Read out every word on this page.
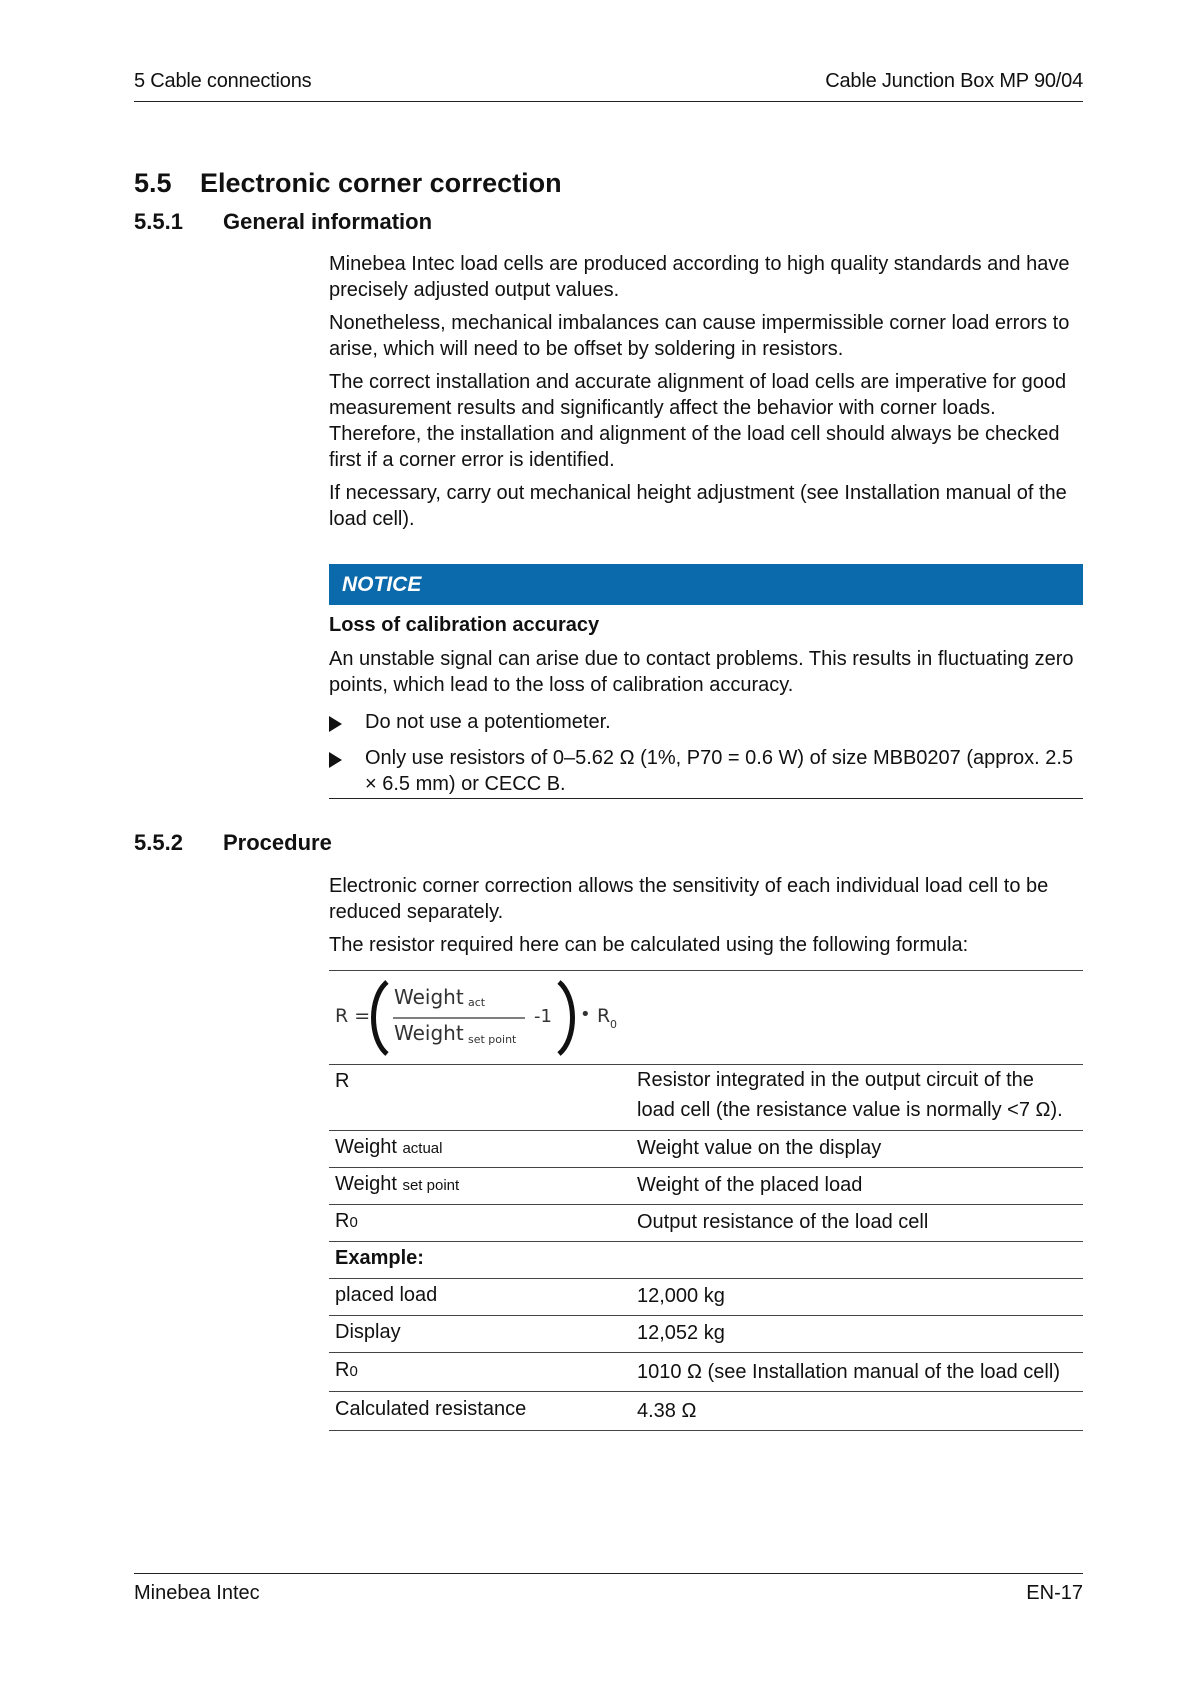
5 Cable connections	Cable Junction Box MP 90/04
5.5 Electronic corner correction
5.5.1 General information

Minebea Intec load cells are produced according to high quality standards and have precisely adjusted output values.

Nonetheless, mechanical imbalances can cause impermissible corner load errors to arise, which will need to be offset by soldering in resistors.

The correct installation and accurate alignment of load cells are imperative for good measurement results and significantly affect the behavior with corner loads. Therefore, the installation and alignment of the load cell should always be checked first if a corner error is identified.

If necessary, carry out mechanical height adjustment (see Installation manual of the load cell).

NOTICE
Loss of calibration accuracy
An unstable signal can arise due to contact problems. This results in fluctuating zero points, which lead to the loss of calibration accuracy.
Do not use a potentiometer.
Only use resistors of 0–5.62 Ω (1%, P70 = 0.6 W) of size MBB0207 (approx. 2.5 × 6.5 mm) or CECC B.
5.5.2 Procedure

Electronic corner correction allows the sensitivity of each individual load cell to be reduced separately.

The resistor required here can be calculated using the following formula:

R =
Weight act
Weight set point
-1 • R 0
R	Resistor integrated in the output circuit of the load cell (the resistance value is normally <7 Ω).
Weight actual	Weight value on the display
Weight set point	Weight of the placed load
R0	Output resistance of the load cell
Example:
placed load	12,000 kg
Display	12,052 kg
R0	1010 Ω (see Installation manual of the load cell)
Calculated resistance	4.38 Ω
Minebea Intec	EN-17
